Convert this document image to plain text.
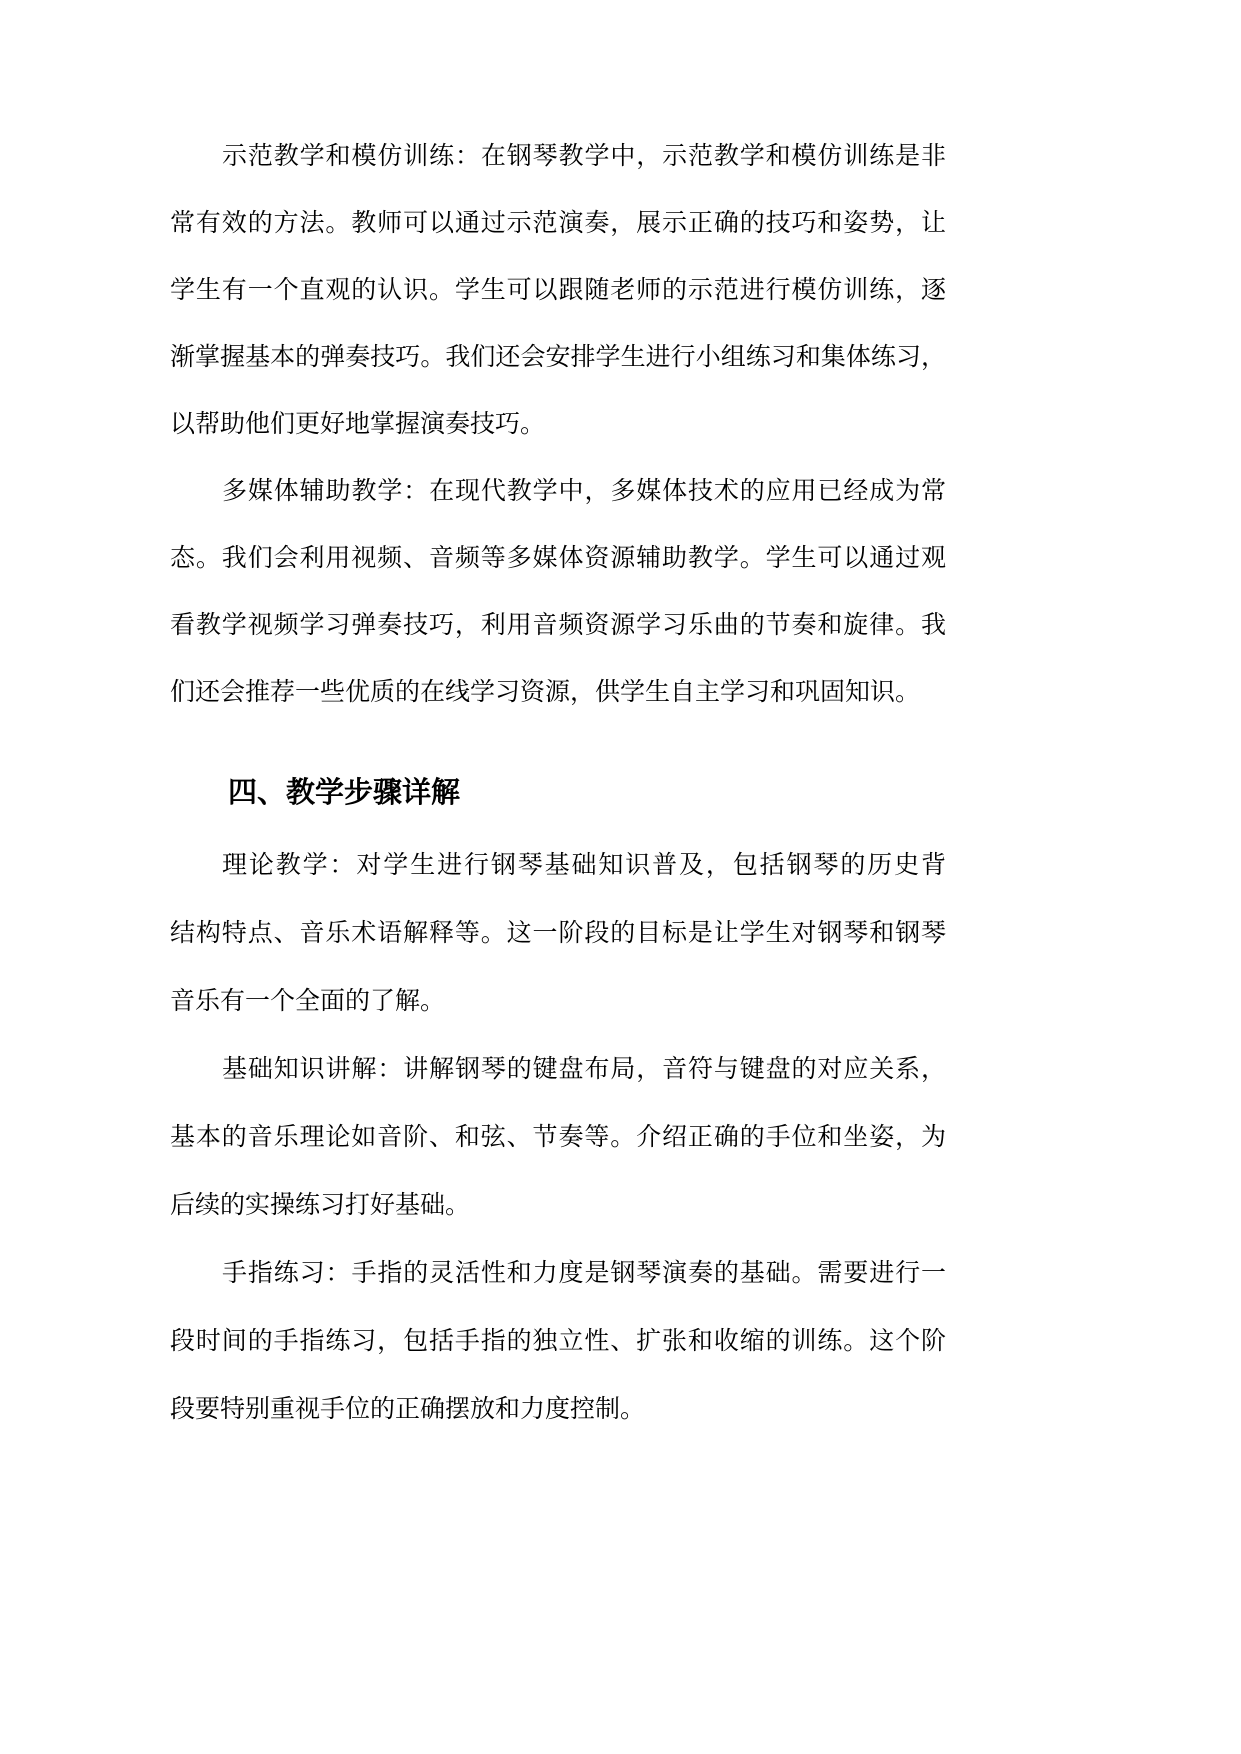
示范教学和模仿训练：在钢琴教学中，示范教学和模仿训练是非
常有效的方法。教师可以通过示范演奏，展示正确的技巧和姿势，让
学生有一个直观的认识。学生可以跟随老师的示范进行模仿训练，逐
渐掌握基本的弹奏技巧。我们还会安排学生进行小组练习和集体练习，
以帮助他们更好地掌握演奏技巧。
多媒体辅助教学：在现代教学中，多媒体技术的应用已经成为常
态。我们会利用视频、音频等多媒体资源辅助教学。学生可以通过观
看教学视频学习弹奏技巧，利用音频资源学习乐曲的节奏和旋律。我
们还会推荐一些优质的在线学习资源，供学生自主学习和巩固知识。
四、教学步骤详解
理论教学：对学生进行钢琴基础知识普及，包括钢琴的历史背
结构特点、音乐术语解释等。这一阶段的目标是让学生对钢琴和钢琴
音乐有一个全面的了解。
基础知识讲解：讲解钢琴的键盘布局，音符与键盘的对应关系，
基本的音乐理论如音阶、和弦、节奏等。介绍正确的手位和坐姿，为
后续的实操练习打好基础。
手指练习：手指的灵活性和力度是钢琴演奏的基础。需要进行一
段时间的手指练习，包括手指的独立性、扩张和收缩的训练。这个阶
段要特别重视手位的正确摆放和力度控制。
